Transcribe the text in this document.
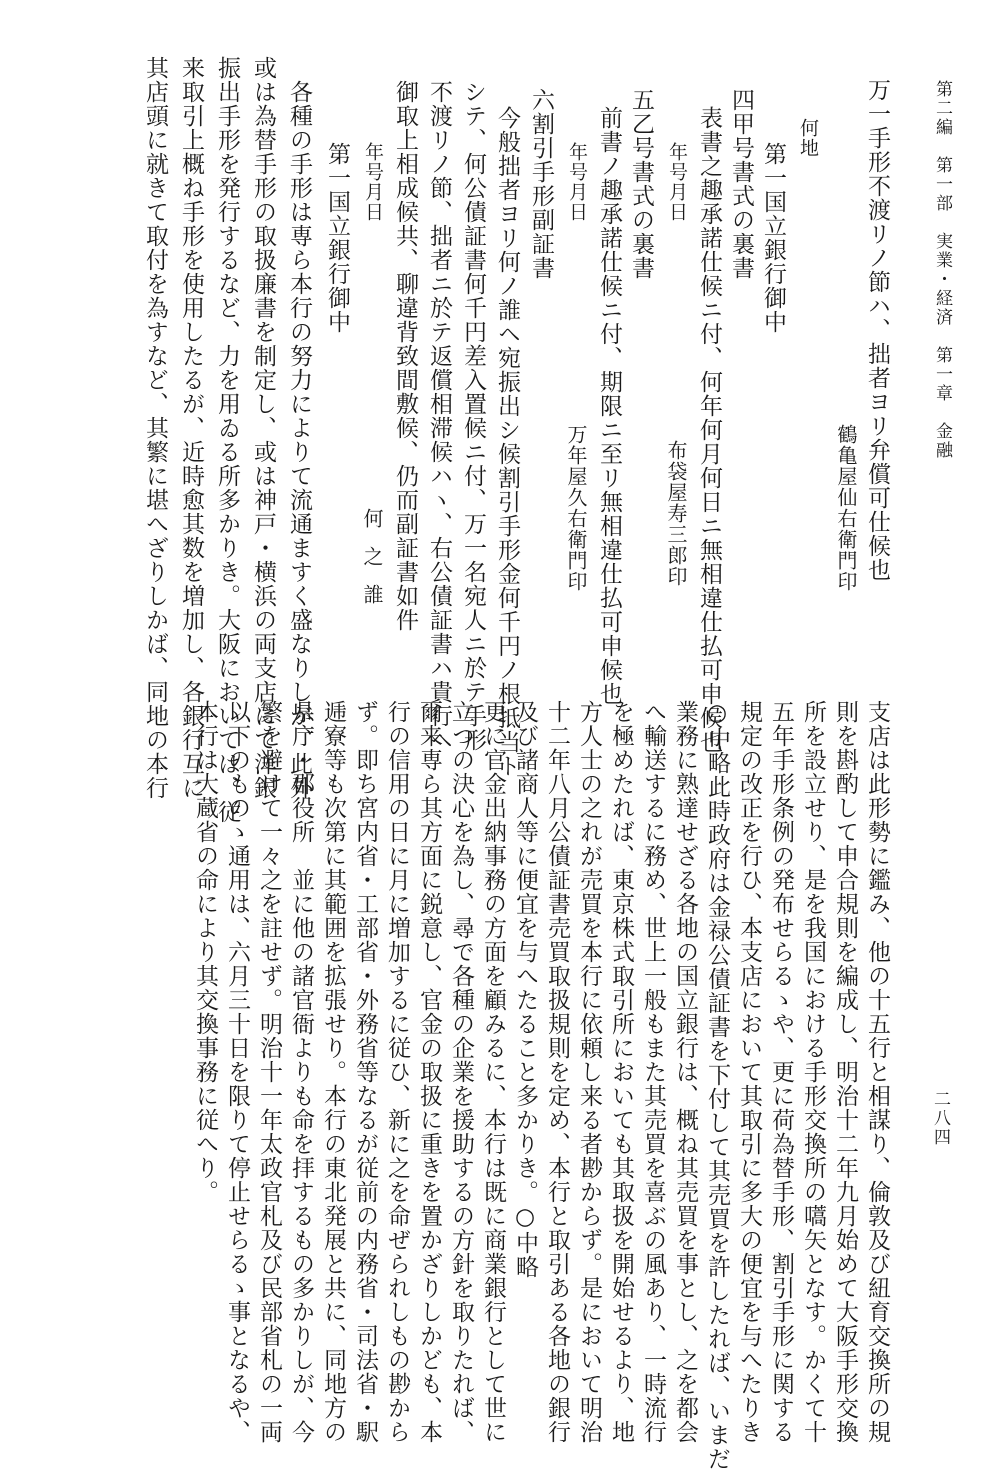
第二編　第一部　実業・経済　第一章　金融
二八四
万一手形不渡リノ節ハ、拙者ヨリ弁償可仕候也
鶴亀屋仙右衛門印
何地
第一国立銀行御中
四甲号書式の裏書
表書之趣承諾仕候ニ付、何年何月何日ニ無相違仕払可申候也
年号月日
布袋屋寿三郎印
五乙号書式の裏書
前書ノ趣承諾仕候ニ付、期限ニ至リ無相違仕払可申候也
年号月日
万年屋久右衛門印
六割引手形副証書
今般拙者ヨリ何ノ誰ヘ宛振出シ候割引手形金何千円ノ根抵当ト
シテ、何公債証書何千円差入置候ニ付、万一名宛人ニ於テ手形
不渡リノ節、拙者ニ於テ返償相滞候ハヽ、右公債証書ハ貴行ヘ
御取上相成候共、聊違背致間敷候、仍而副証書如件
年号月日
何之誰
第一国立銀行御中
各種の手形は専ら本行の努力によりて流通ますく盛なりしが、此外
或は為替手形の取扱廉書を制定し、或は神戸・横浜の両支店にて洋銀
振出手形を発行するなど、力を用ゐる所多かりき。大阪においては、従
来取引上概ね手形を使用したるが、近時愈其数を増加し、各銀行互に
其店頭に就きて取付を為すなど、其繁に堪へざりしかば、同地の本行
支店は此形勢に鑑み、他の十五行と相謀り、倫敦及び紐育交換所の規
則を斟酌して申合規則を編成し、明治十二年九月始めて大阪手形交換
所を設立せり、是を我国における手形交換所の嚆矢となす。かくて十
五年手形条例の発布せらるゝや、更に荷為替手形、割引手形に関する
規定の改正を行ひ、本支店において其取引に多大の便宜を与へたりき
○中略此時政府は金禄公債証書を下付して其売買を許したれば、いまだ
業務に熟達せざる各地の国立銀行は、概ね其売買を事とし、之を都会
へ輸送するに務め、世上一般もまた其売買を喜ぶの風あり、一時流行
を極めたれば、東京株式取引所においても其取扱を開始せるより、地
方人士の之れが売買を本行に依頼し来る者尠からず。是において明治
十二年八月公債証書売買取扱規則を定め、本行と取引ある各地の銀行
及び諸商人等に便宜を与へたること多かりき。○中略
更に官金出納事務の方面を顧みるに、本行は既に商業銀行として世に
立つの決心を為し、尋で各種の企業を援助するの方針を取りたれば、
爾来専ら其方面に鋭意し、官金の取扱に重きを置かざりしかども、本
行の信用の日に月に増加するに従ひ、新に之を命ぜられしもの尠から
ず。即ち宮内省・工部省・外務省等なるが従前の内務省・司法省・駅
逓寮等も次第に其範囲を拡張せり。本行の東北発展と共に、同地方の
県庁・郡役所　並に他の諸官衙よりも命を拝するもの多かりしが、今
繁を避けて一々之を註せず。明治十一年太政官札及び民部省札の一両
以下のものゝ通用は、六月三十日を限りて停止せらるゝ事となるや、
本行は大蔵省の命により其交換事務に従へり。
